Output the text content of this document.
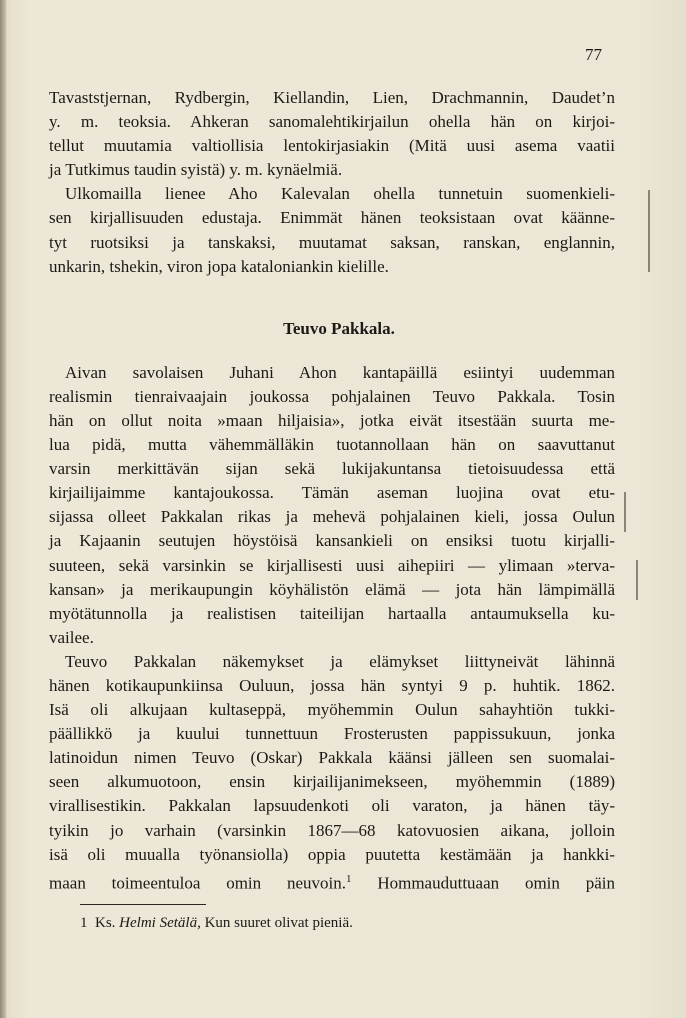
77
Tavaststjernan, Rydbergin, Kiellandin, Lien, Drachmannin, Daudet’n
y. m. teoksia. Ahkeran sanomalehtikirjailun ohella hän on kirjoi-
tellut muutamia valtiollisia lentokirjasiakin (Mitä uusi asema vaatii
ja Tutkimus taudin syistä) y. m. kynäelmiä.
Ulkomailla lienee Aho Kalevalan ohella tunnetuin suomenkieli-
sen kirjallisuuden edustaja. Enimmät hänen teoksistaan ovat käänne-
tyt ruotsiksi ja tanskaksi, muutamat saksan, ranskan, englannin,
unkarin, tshekin, viron jopa kataloniankin kielille.
Teuvo Pakkala.
Aivan savolaisen Juhani Ahon kantapäillä esiintyi uudemman
realismin tienraivaajain joukossa pohjalainen Teuvo Pakkala. Tosin
hän on ollut noita »maan hiljaisia», jotka eivät itsestään suurta me-
lua pidä, mutta vähemmälläkin tuotannollaan hän on saavuttanut
varsin merkittävän sijan sekä lukijakuntansa tietoisuudessa että
kirjailijaimme kantajoukossa. Tämän aseman luojina ovat etu-
sijassa olleet Pakkalan rikas ja mehevä pohjalainen kieli, jossa Oulun
ja Kajaanin seutujen höystöisä kansankieli on ensiksi tuotu kirjalli-
suuteen, sekä varsinkin se kirjallisesti uusi aihepiiri — ylimaan »terva-
kansan» ja merikaupungin köyhälistön elämä — jota hän lämpimällä
myötätunnolla ja realistisen taiteilijan hartaalla antaumuksella ku-
vailee.
Teuvo Pakkalan näkemykset ja elämykset liittyneivät lähinnä
hänen kotikaupunkiinsa Ouluun, jossa hän syntyi 9 p. huhtik. 1862.
Isä oli alkujaan kultaseppä, myöhemmin Oulun sahayhtiön tukki-
päällikkö ja kuului tunnettuun Frosterusten pappissukuun, jonka
latinoidun nimen Teuvo (Oskar) Pakkala käänsi jälleen sen suomalai-
seen alkumuotoon, ensin kirjailijanimekseen, myöhemmin (1889)
virallisestikin. Pakkalan lapsuudenkoti oli varaton, ja hänen täy-
tyikin jo varhain (varsinkin 1867—68 katovuosien aikana, jolloin
isä oli muualla työnansiolla) oppia puutetta kestämään ja hankki-
maan toimeentuloa omin neuvoin.$^1$ Hommauduttuaan omin päin
1 Ks. Helmi Setälä, Kun suuret olivat pieniä.
